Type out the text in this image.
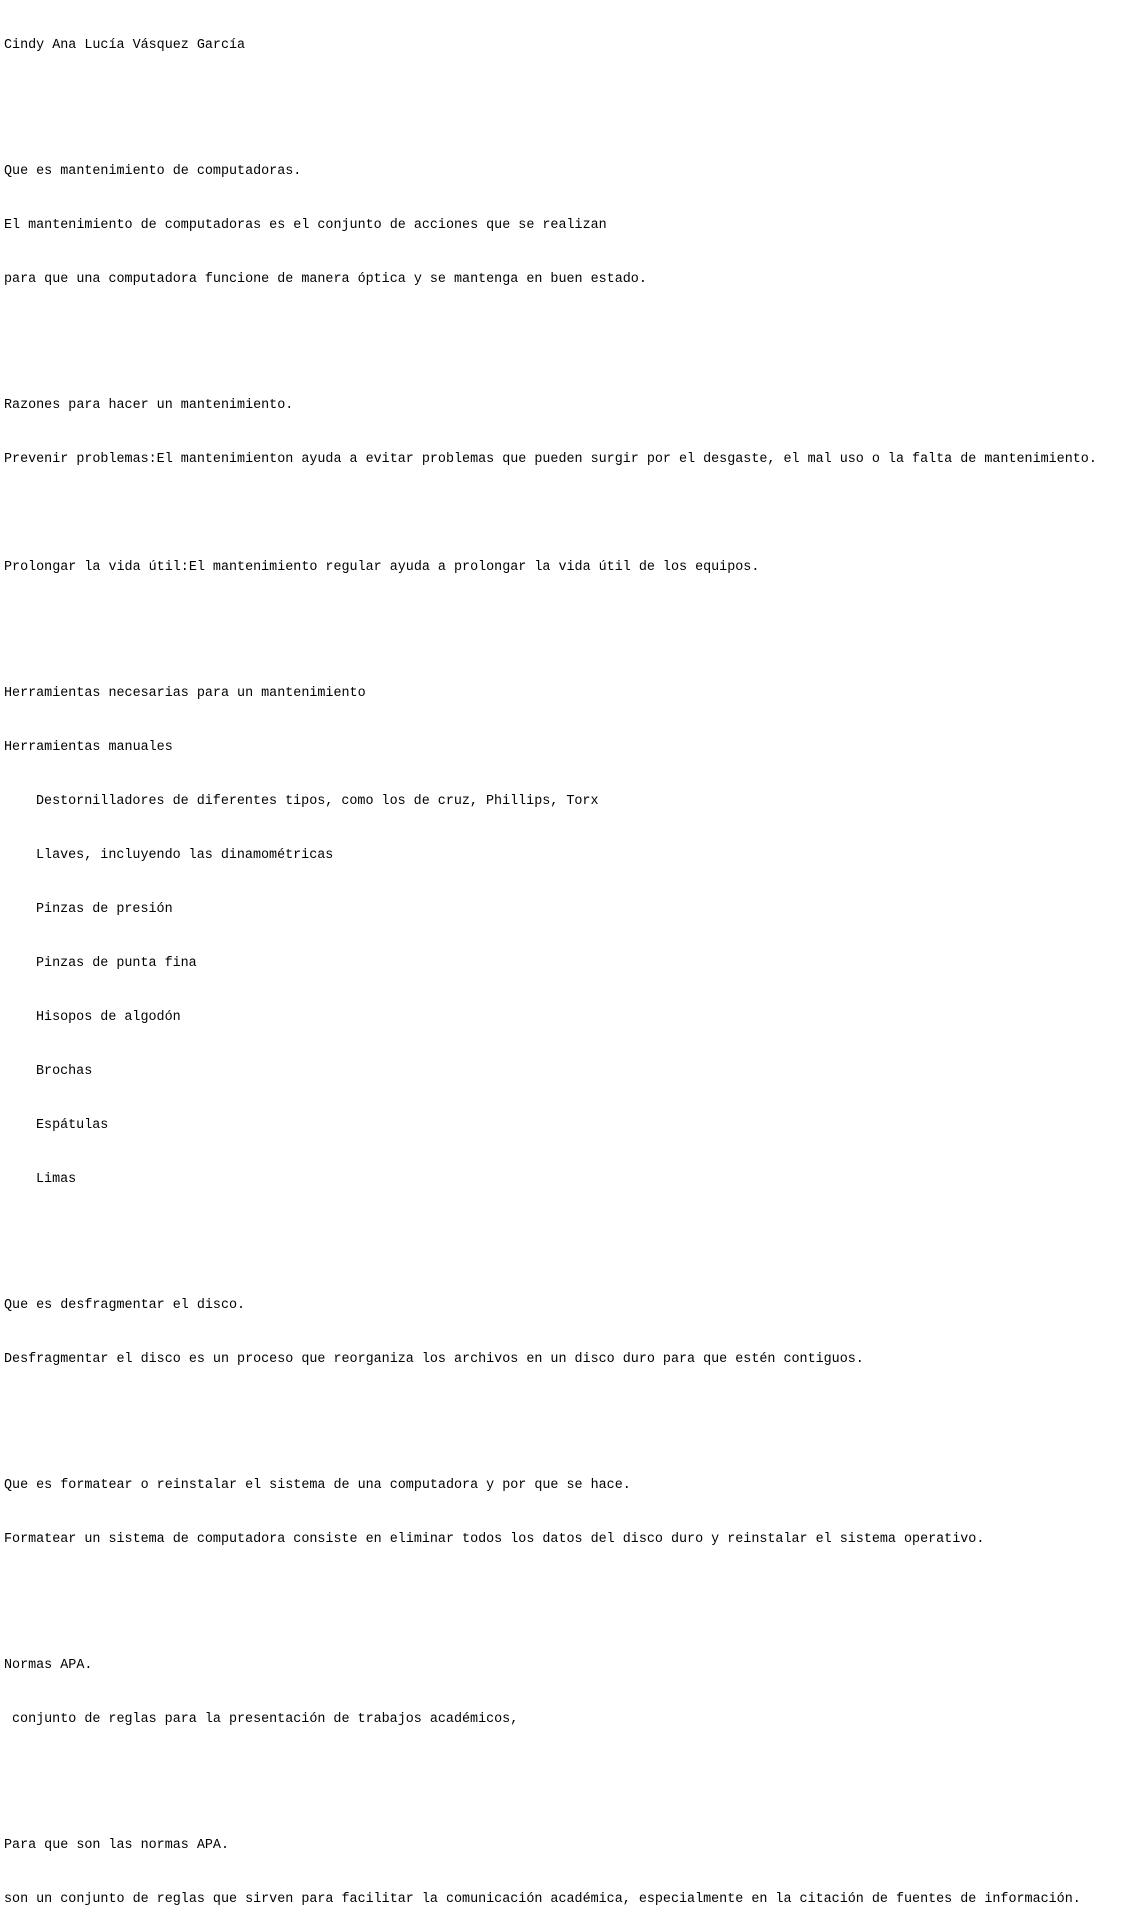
Cindy Ana Lucía Vásquez García

Que es mantenimiento de computadoras.

El mantenimiento de computadoras es el conjunto de acciones que se realizan

para que una computadora funcione de manera óptica y se mantenga en buen estado.

Razones para hacer un mantenimiento.

Prevenir problemas:El mantenimienton ayuda a evitar problemas que pueden surgir por el desgaste, el mal uso o la falta de mantenimiento.

Prolongar la vida útil:El mantenimiento regular ayuda a prolongar la vida útil de los equipos.

Herramientas necesarias para un mantenimiento

Herramientas manuales

Destornilladores de diferentes tipos, como los de cruz, Phillips, Torx

Llaves, incluyendo las dinamométricas

Pinzas de presión

Pinzas de punta fina

Hisopos de algodón

Brochas

Espátulas

Limas

Que es desfragmentar el disco.

Desfragmentar el disco es un proceso que reorganiza los archivos en un disco duro para que estén contiguos.

Que es formatear o reinstalar el sistema de una computadora y por que se hace.

Formatear un sistema de computadora consiste en eliminar todos los datos del disco duro y reinstalar el sistema operativo.

Normas APA.

conjunto de reglas para la presentación de trabajos académicos,

Para que son las normas APA.

son un conjunto de reglas que sirven para facilitar la comunicación académica, especialmente en la citación de fuentes de información.
